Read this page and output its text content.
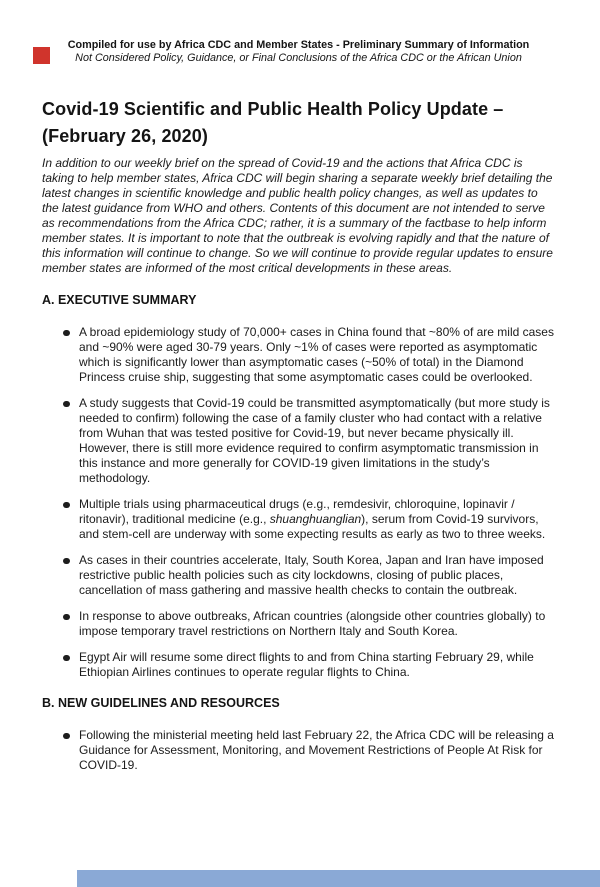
Compiled for use by Africa CDC and Member States - Preliminary Summary of Information
Not Considered Policy, Guidance, or Final Conclusions of the Africa CDC or the African Union
Covid-19 Scientific and Public Health Policy Update –
(February 26, 2020)

In addition to our weekly brief on the spread of Covid-19 and the actions that Africa CDC is taking to help member states, Africa CDC will begin sharing a separate weekly brief detailing the latest changes in scientific knowledge and public health policy changes, as well as updates to the latest guidance from WHO and others. Contents of this document are not intended to serve as recommendations from the Africa CDC; rather, it is a summary of the factbase to help inform member states. It is important to note that the outbreak is evolving rapidly and that the nature of this information will continue to change. So we will continue to provide regular updates to ensure member states are informed of the most critical developments in these areas.

A. EXECUTIVE SUMMARY
A broad epidemiology study of 70,000+ cases in China found that ~80% of are mild cases and ~90% were aged 30-79 years. Only ~1% of cases were reported as asymptomatic which is significantly lower than asymptomatic cases (~50% of total) in the Diamond Princess cruise ship, suggesting that some asymptomatic cases could be overlooked.
A study suggests that Covid-19 could be transmitted asymptomatically (but more study is needed to confirm) following the case of a family cluster who had contact with a relative from Wuhan that was tested positive for Covid-19, but never became physically ill. However, there is still more evidence required to confirm asymptomatic transmission in this instance and more generally for COVID-19 given limitations in the study’s methodology.
Multiple trials using pharmaceutical drugs (e.g., remdesivir, chloroquine, lopinavir / ritonavir), traditional medicine (e.g., shuanghuanglian), serum from Covid-19 survivors, and stem-cell are underway with some expecting results as early as two to three weeks.
As cases in their countries accelerate, Italy, South Korea, Japan and Iran have imposed restrictive public health policies such as city lockdowns, closing of public places, cancellation of mass gathering and massive health checks to contain the outbreak.
In response to above outbreaks, African countries (alongside other countries globally) to impose temporary travel restrictions on Northern Italy and South Korea.
Egypt Air will resume some direct flights to and from China starting February 29, while Ethiopian Airlines continues to operate regular flights to China.
B. NEW GUIDELINES AND RESOURCES
Following the ministerial meeting held last February 22, the Africa CDC will be releasing a Guidance for Assessment, Monitoring, and Movement Restrictions of People At Risk for COVID-19.
